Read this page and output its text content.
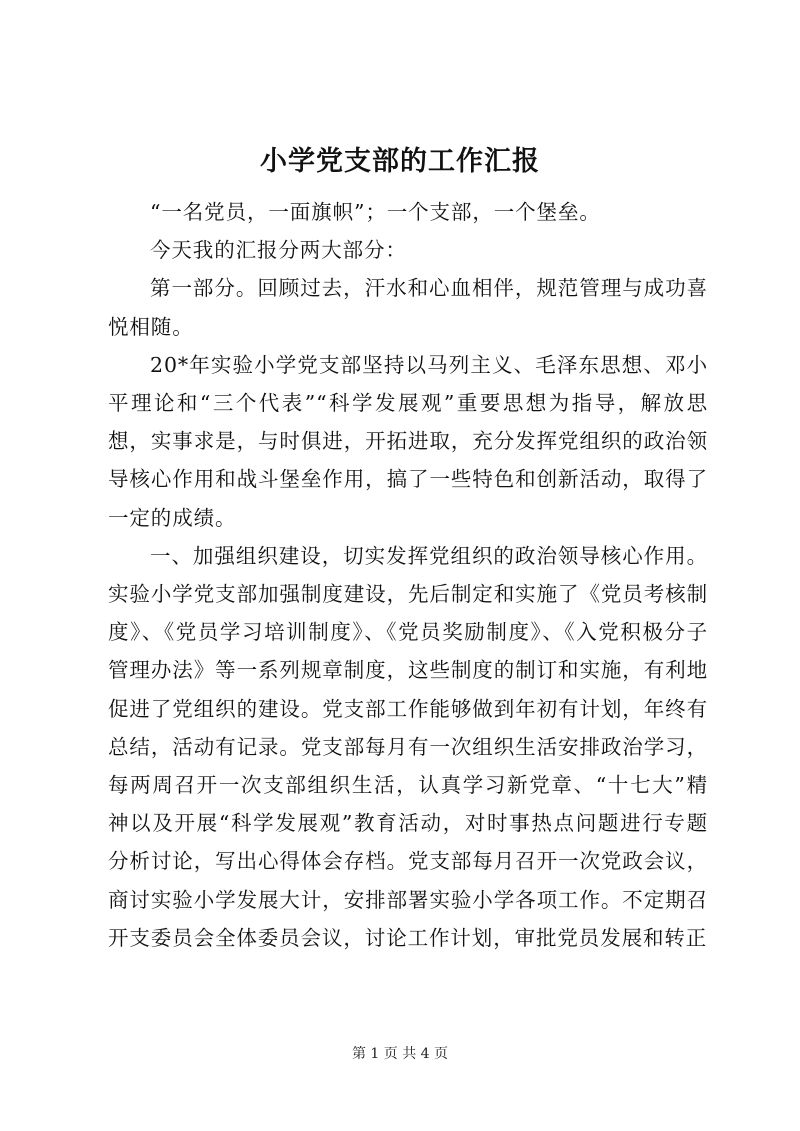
小学党支部的工作汇报

“一名党员，一面旗帜”；一个支部，一个堡垒。

今天我的汇报分两大部分：

第一部分。回顾过去，汗水和心血相伴，规范管理与成功喜悦相随。

20*年实验小学党支部坚持以马列主义、毛泽东思想、邓小平理论和“三个代表”“科学发展观”重要思想为指导，解放思想，实事求是，与时俱进，开拓进取，充分发挥党组织的政治领导核心作用和战斗堡垒作用，搞了一些特色和创新活动，取得了一定的成绩。

一、加强组织建设，切实发挥党组织的政治领导核心作用。实验小学党支部加强制度建设，先后制定和实施了《党员考核制度》、《党员学习培训制度》、《党员奖励制度》、《入党积极分子管理办法》等一系列规章制度，这些制度的制订和实施，有利地促进了党组织的建设。党支部工作能够做到年初有计划，年终有总结，活动有记录。党支部每月有一次组织生活安排政治学习，每两周召开一次支部组织生活，认真学习新党章、“十七大”精神以及开展“科学发展观”教育活动，对时事热点问题进行专题分析讨论，写出心得体会存档。党支部每月召开一次党政会议，商讨实验小学发展大计，安排部署实验小学各项工作。不定期召开支委员会全体委员会议，讨论工作计划，审批党员发展和转正

第 1 页 共 4 页
